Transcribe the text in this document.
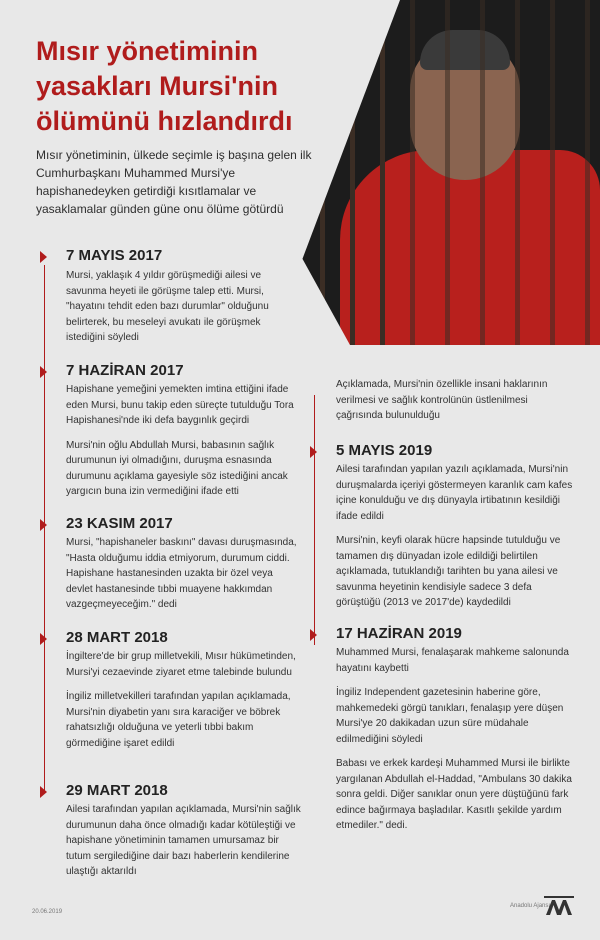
Mısır yönetiminin yasakları Mursi'nin ölümünü hızlandırdı
Mısır yönetiminin, ülkede seçimle iş başına gelen ilk Cumhurbaşkanı Muhammed Mursi'ye hapishanedeyken getirdiği kısıtlamalar ve yasaklamalar günden güne onu ölüme götürdü
7 MAYIS 2017

Mursi, yaklaşık 4 yıldır görüşmediği ailesi ve savunma heyeti ile görüşme talep etti. Mursi, "hayatını tehdit eden bazı durumlar" olduğunu belirterek, bu meseleyi avukatı ile görüşmek istediğini söyledi

7 HAZİRAN 2017

Hapishane yemeğini yemekten imtina ettiğini ifade eden Mursi, bunu takip eden süreçte tutulduğu Tora Hapishanesi'nde iki defa baygınlık geçirdi

Mursi'nin oğlu Abdullah Mursi, babasının sağlık durumunun iyi olmadığını, duruşma esnasında durumunu açıklama gayesiyle söz istediğini ancak yargıcın buna izin vermediğini ifade etti

23 KASIM 2017

Mursi, "hapishaneler baskını" davası duruşmasında, "Hasta olduğumu iddia etmiyorum, durumum ciddi. Hapishane hastanesinden uzakta bir özel veya devlet hastanesinde tıbbi muayene hakkımdan vazgeçmeyeceğim." dedi

28 MART 2018

İngiltere'de bir grup milletvekili, Mısır hükümetinden, Mursi'yi cezaevinde ziyaret etme talebinde bulundu

İngiliz milletvekilleri tarafından yapılan açıklamada, Mursi'nin diyabetin yanı sıra karaciğer ve böbrek rahatsızlığı olduğuna ve yeterli tıbbi bakım görmediğine işaret edildi

29 MART 2018

Ailesi tarafından yapılan açıklamada, Mursi'nin sağlık durumunun daha önce olmadığı kadar kötüleştiği ve hapishane yönetiminin tamamen umursamaz bir tutum sergilediğine dair bazı haberlerin kendilerine ulaştığı aktarıldı

Açıklamada, Mursi'nin özellikle insani haklarının verilmesi ve sağlık kontrolünün üstlenilmesi çağrısında bulunulduğu

5 MAYIS 2019

Ailesi tarafından yapılan yazılı açıklamada, Mursi'nin duruşmalarda içeriyi göstermeyen karanlık cam kafes içine konulduğu ve dış dünyayla irtibatının kesildiği ifade edildi

Mursi'nin, keyfi olarak hücre hapsinde tutulduğu ve tamamen dış dünyadan izole edildiği belirtilen açıklamada, tutuklandığı tarihten bu yana ailesi ve savunma heyetinin kendisiyle sadece 3 defa görüştüğü (2013 ve 2017'de) kaydedildi

17 HAZİRAN 2019

Muhammed Mursi, fenalaşarak mahkeme salonunda hayatını kaybetti

İngiliz Independent gazetesinin haberine göre, mahkemedeki görgü tanıkları, fenalaşıp yere düşen Mursi'ye 20 dakikadan uzun süre müdahale edilmediğini söyledi

Babası ve erkek kardeşi Muhammed Mursi ile birlikte yargılanan Abdullah el-Haddad, "Ambulans 30 dakika sonra geldi. Diğer sanıklar onun yere düştüğünü fark edince bağırmaya başladılar. Kasıtlı şekilde yardım etmediler." dedi.

20.06.2019
Anadolu Ajansı
